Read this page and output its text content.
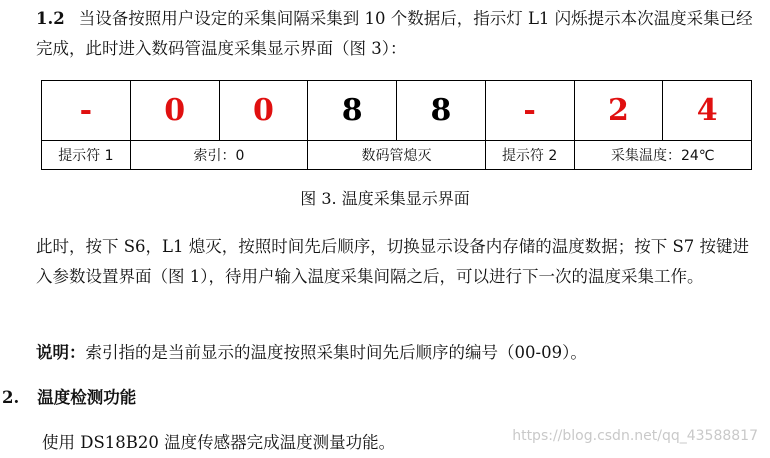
1.2 当设备按照用户设定的采集间隔采集到 10 个数据后，指示灯 L1 闪烁提示本次温度采集已经完成，此时进入数码管温度采集显示界面（图 3）：
-	0	0	8	8	-	2	4
提示符 1	索引：0		数码管熄灭		提示符 2	采集温度：24℃	
图 3. 温度采集显示界面
此时，按下 S6，L1 熄灭，按照时间先后顺序，切换显示设备内存储的温度数据；按下 S7 按键进入参数设置界面（图 1），待用户输入温度采集间隔之后，可以进行下一次的温度采集工作。
说明：索引指的是当前显示的温度按照采集时间先后顺序的编号（00-09）。
2. 温度检测功能
使用 DS18B20 温度传感器完成温度测量功能。	https://blog.csdn.net/qq_43588817
